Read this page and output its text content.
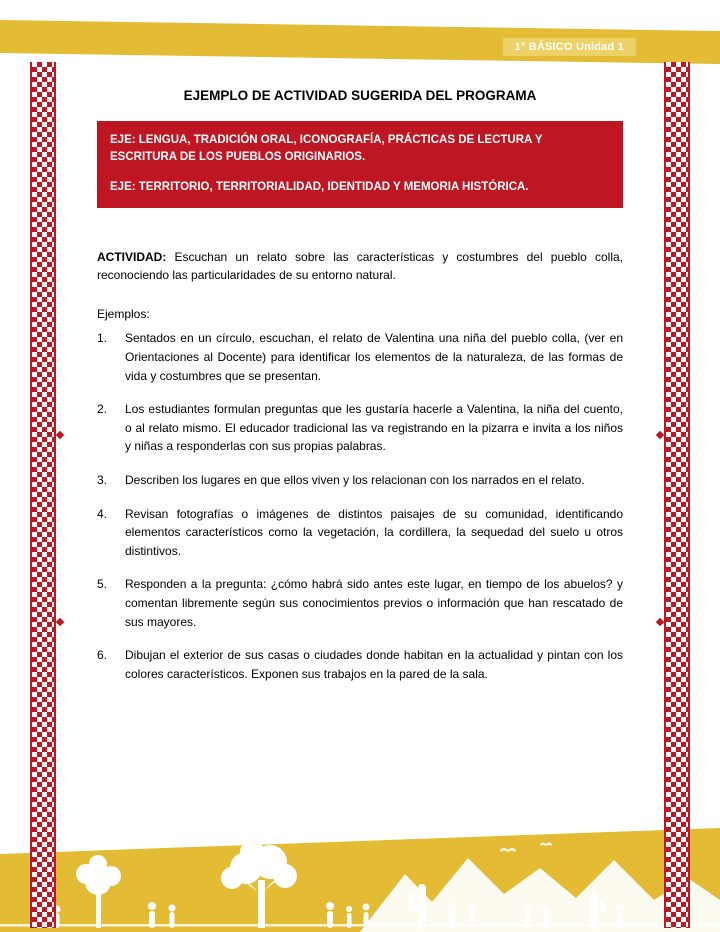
1° BÁSICO Unidad 1
EJEMPLO DE ACTIVIDAD SUGERIDA DEL PROGRAMA

EJE: LENGUA, TRADICIÓN ORAL, ICONOGRAFÍA, PRÁCTICAS DE LECTURA Y ESCRITURA DE LOS PUEBLOS ORIGINARIOS.

EJE: TERRITORIO, TERRITORIALIDAD, IDENTIDAD Y MEMORIA HISTÓRICA.

ACTIVIDAD: Escuchan un relato sobre las características y costumbres del pueblo colla, reconociendo las particularidades de su entorno natural.

Ejemplos:

1.	Sentados en un círculo, escuchan, el relato de Valentina una niña del pueblo colla, (ver en Orientaciones al Docente) para identificar los elementos de la naturaleza, de las formas de vida y costumbres que se presentan.
2.	Los estudiantes formulan preguntas que les gustaría hacerle a Valentina, la niña del cuento, o al relato mismo. El educador tradicional las va registrando en la pizarra e invita a los niños y niñas a responderlas con sus propias palabras.
3.	Describen los lugares en que ellos viven y los relacionan con los narrados en el relato.
4.	Revisan fotografías o imágenes de distintos paisajes de su comunidad, identificando elementos característicos como la vegetación, la cordillera, la sequedad del suelo u otros distintivos.
5.	Responden a la pregunta: ¿cómo habrá sido antes este lugar, en tiempo de los abuelos? y comentan libremente según sus conocimientos previos o información que han rescatado de sus mayores.
6.	Dibujan el exterior de sus casas o ciudades donde habitan en la actualidad y pintan con los colores característicos. Exponen sus trabajos en la pared de la sala.
